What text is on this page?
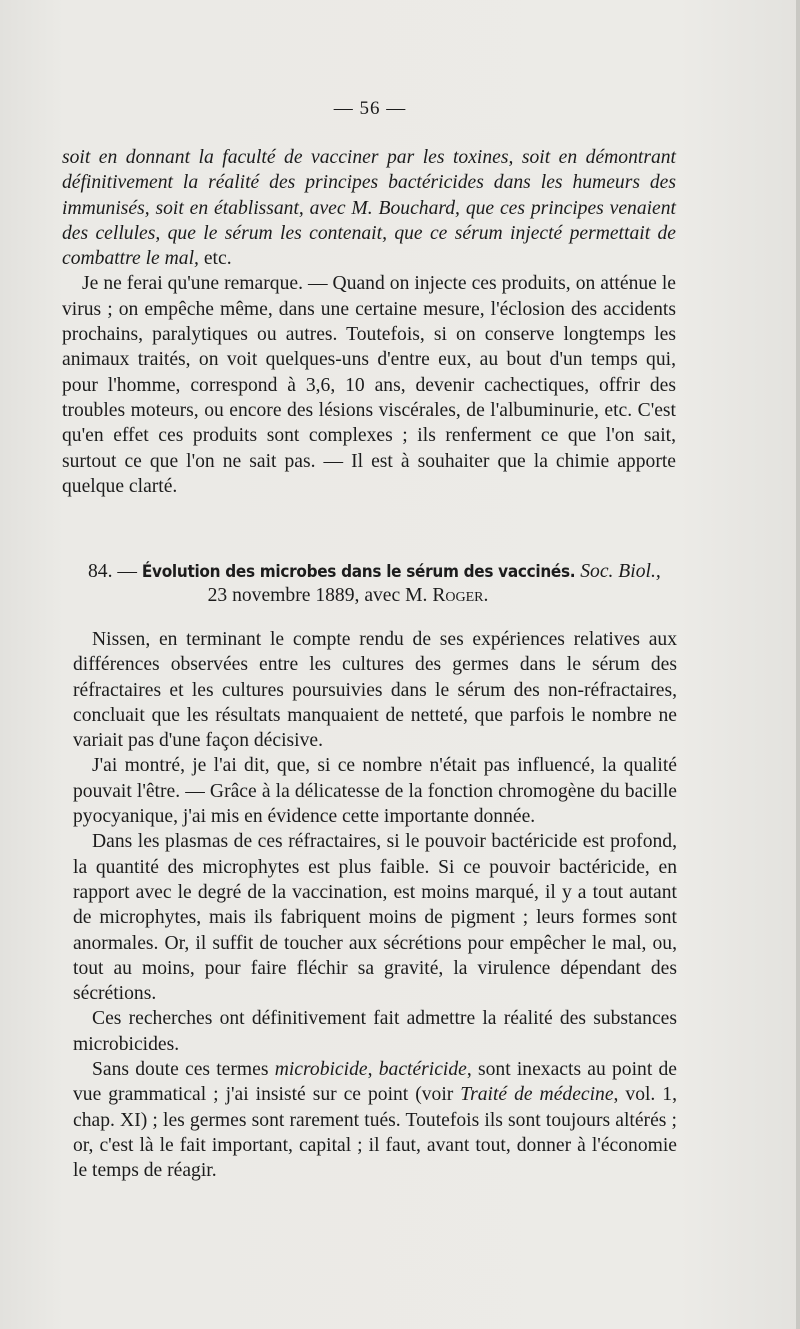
— 56 —

soit en donnant la faculté de vacciner par les toxines, soit en démontrant définitivement la réalité des principes bactéricides dans les humeurs des immunisés, soit en établissant, avec M. Bouchard, que ces principes venaient des cellules, que le sérum les contenait, que ce sérum injecté permettait de combattre le mal, etc.

Je ne ferai qu'une remarque. — Quand on injecte ces produits, on atténue le virus ; on empêche même, dans une certaine mesure, l'éclosion des accidents prochains, paralytiques ou autres. Toutefois, si on conserve longtemps les animaux traités, on voit quelques-uns d'entre eux, au bout d'un temps qui, pour l'homme, correspond à 3,6, 10 ans, devenir cachectiques, offrir des troubles moteurs, ou encore des lésions viscérales, de l'albuminurie, etc. C'est qu'en effet ces produits sont complexes ; ils renferment ce que l'on sait, surtout ce que l'on ne sait pas. — Il est à souhaiter que la chimie apporte quelque clarté.

84. — Évolution des microbes dans le sérum des vaccinés. Soc. Biol.,
23 novembre 1889, avec M. Roger.

Nissen, en terminant le compte rendu de ses expériences relatives aux différences observées entre les cultures des germes dans le sérum des réfractaires et les cultures poursuivies dans le sérum des non-réfractaires, concluait que les résultats manquaient de netteté, que parfois le nombre ne variait pas d'une façon décisive.

J'ai montré, je l'ai dit, que, si ce nombre n'était pas influencé, la qualité pouvait l'être. — Grâce à la délicatesse de la fonction chromogène du bacille pyocyanique, j'ai mis en évidence cette importante donnée.

Dans les plasmas de ces réfractaires, si le pouvoir bactéricide est profond, la quantité des microphytes est plus faible. Si ce pouvoir bactéricide, en rapport avec le degré de la vaccination, est moins marqué, il y a tout autant de microphytes, mais ils fabriquent moins de pigment ; leurs formes sont anormales. Or, il suffit de toucher aux sécrétions pour empêcher le mal, ou, tout au moins, pour faire fléchir sa gravité, la virulence dépendant des sécrétions.

Ces recherches ont définitivement fait admettre la réalité des substances microbicides.

Sans doute ces termes microbicide, bactéricide, sont inexacts au point de vue grammatical ; j'ai insisté sur ce point (voir Traité de médecine, vol. 1, chap. XI) ; les germes sont rarement tués. Toutefois ils sont toujours altérés ; or, c'est là le fait important, capital ; il faut, avant tout, donner à l'économie le temps de réagir.
